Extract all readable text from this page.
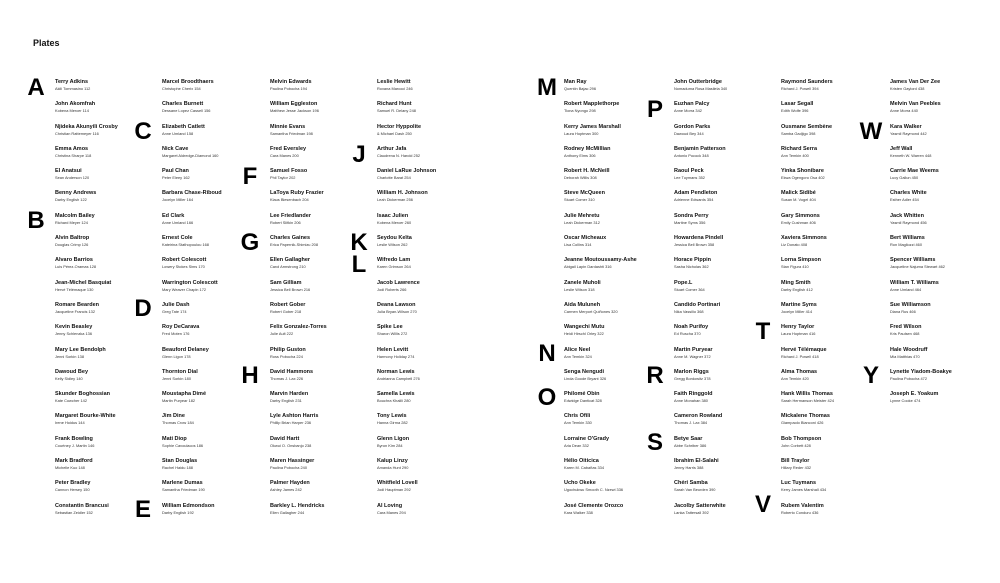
Plates
Terry Adkins
Akili Tommasino 112
John Akomfrah
Kobena Mercer 114
Njideka Akunyili Crosby
Christian Rattemeyer 116
Emma Amos
Christina Sharpe 118
El Anatsui
Sean Anderson 120
Benny Andrews
Darby English 122
Malcolm Bailey
Richard Meyer 124
Alvin Baltrop
Douglas Crimp 126
Álvaro Barrios
Luis Pérez-Oramas 128
Jean-Michel Basquiat
Hervé Télémaque 130
Romare Bearden
Jacqueline Francis 132
Kevin Beasley
Jenny Schlenzka 136
Mary Lee Bendolph
Jenni Sorkin 138
Dawoud Bey
Kelly Sidley 140
Skunder Boghossian
Kate Cowcher 142
Margaret Bourke-White
Irene Hoidus 144
Frank Bowling
Courtney J. Martin 146
Mark Bradford
Michelle Kuo 148
Peter Bradley
Cannon Hersey 150
Constantin Brancusi
Sebastian Zeidler 152
Marcel Broodthaers
Christophe Cherix 154
Charles Burnett
Dessane Lopez Cassell 156
Elizabeth Catlett
Anne Umland 158
Nick Cave
Margaret Aldredge-Diamond 160
Paul Chan
Peter Eleey 162
Barbara Chase-Riboud
Jocelyn Miller 164
Ed Clark
Anne Umland 166
Ernest Cole
Kateirina Stathopoulou 168
Robert Colescott
Lowery Stokes Sims 170
Warrington Colescott
Mary Weaver Chapin 172
Julie Dash
Greg Tate 174
Roy DeCarava
Fred Moten 176
Beauford Delaney
Glenn Ligon 178
Thornton Dial
Jenni Sorkin 180
Moustapha Dimé
Martin Puryear 182
Jim Dine
Thomas Crow 184
Mati Diop
Sophie Cavoulacos 186
Stan Douglas
Rachel Haidu 188
Marlene Dumas
Samantha Friedman 190
William Edmondson
Darby English 192
Melvin Edwards
Paulina Pobocha 194
William Eggleston
Matthew Jesse Jackson 196
Minnie Evans
Samantha Friedman 198
Fred Eversley
Cara Manes 200
Samuel Fosso
Phil Taylor 202
LaToya Ruby Frazier
Klaus Biesenbach 204
Lee Friedlander
Robert Slifkin 206
Charles Gaines
Erica Papernik-Shimizu 208
Ellen Gallagher
Carol Armstrong 210
Sam Gilliam
Jessica Bell Brown 216
Robert Gober
Robert Gober 218
Felix Gonzalez-Torres
Julie Ault 222
Philip Guston
Ross Pobocha 224
David Hammons
Thomas J. Lax 226
Marvin Harden
Darby English 231
Lyle Ashton Harris
Phillip Brian Harper 236
David Hartt
Okwui O. Onsbanjo 238
Maren Hassinger
Paulina Pobocha 240
Palmer Hayden
Ashley James 242
Barkley L. Hendricks
Ellen Gallagher 244
Leslie Hewitt
Roxana Marcoci 246
Richard Hunt
Samuel R. Delany 248
Hector Hyppolite
& Michael Dash 250
Arthur Jafa
Claudrena N. Harold 252
Daniel LaRue Johnson
Charlotte Barat 254
William H. Johnson
Leah Dickerman 256
Isaac Julien
Kobena Mercer 260
Seydou Keïta
Leslie Wilson 262
Wifredo Lam
Karen Grimson 264
Jacob Lawrence
Jodi Roberts 266
Deana Lawson
Julia Bryan-Wilson 270
Spike Lee
Sharon Willis 272
Helen Levitt
Harmony Holiday 274
Norman Lewis
Andrianna Campbell 276
Samella Lewis
Bouchra Khalili 280
Tony Lewis
Hanna Girma 282
Glenn Ligon
Byron Kim 284
Kalup Linzy
Amanda Hunt 290
Whitfield Lovell
Jodi Hauptman 292
Al Loving
Cara Manes 294
Man Ray
Quentin Bajac 296
Robert Mapplethorpe
Tiona Nyongo 298
Kerry James Marshall
Laura Hoptman 300
Rodney McMillian
Anthony Elms 306
Robert H. McNeill
Deborah Willis 308
Steve McQueen
Stuart Comer 310
Julie Mehretu
Leah Dickerman 312
Oscar Micheaux
Lisa Collins 314
Jeanne Moutoussamy-Ashe
Abigail Lapin Dardashti 316
Zanele Muholi
Leslie Wilson 318
Aida Muluneh
Carmen Merport Quiñones 320
Wangechi Mutu
Heidi Hirschl Orley 322
Alice Neel
Ann Temkin 324
Senga Nengudi
Linda Goode Bryant 326
Philomé Obin
Edwidge Danticat 328
Chris Ofili
Ann Temkin 330
Lorraine O'Grady
Aria Dean 332
Hélio Oiticica
Karen M. Cabañas 334
Ucho Okeke
Ugochukwu Smooth C. Nzewi 336
José Clemente Orozco
Kara Walker 338
John Outterbridge
Nomaduma Rosa Masilela 340
Euzhan Palcy
Anne Morra 342
Gordon Parks
Dawoud Bey 344
Benjamin Patterson
Antonio Pocock 348
Raoul Peck
Lee Tuymans 352
Adam Pendleton
Adrienne Edwards 354
Sondra Perry
Martine Syms 356
Howardena Pindell
Jessica Bell Brown 358
Horace Pippin
Sasha Nicholas 362
Pope.L
Stuart Comer 364
Candido Portinari
Nika Vassilio 368
Noah Purifoy
Ed Ruscha 370
Martin Puryear
Anne M. Wagner 372
Marlon Riggs
Gregg Bordowitz 378
Faith Ringgold
Anne Monahan 380
Cameron Rowland
Thomas J. Lax 384
Betye Saar
Abbe Schriber 386
Ibrahim El-Salahi
Jenny Harris 388
Chéri Samba
Sarah Van Beurden 390
Jacolby Satterwhite
Lanka Tattersall 392
Raymond Saunders
Richard J. Powell 394
Lasar Segall
Edith Wolfe 396
Ousmane Sembène
Samba Gadjigo 398
Richard Serra
Ann Temkin 400
Yinka Shonibare
Ekwa Ogengoro Osa 402
Malick Sidibé
Susan M. Vogel 404
Gary Simmons
Emily Cushman 406
Xaviera Simmons
Liz Donato 408
Lorna Simpson
Stan Figura 410
Ming Smith
Darby English 412
Martine Syms
Jocelyn Miller 414
Henry Taylor
Laura Hoptman 416
Hervé Télémaque
Richard J. Powell 418
Alma Thomas
Ann Temkin 420
Hank Willis Thomas
Sarah Hermanson Meister 424
Mickalene Thomas
Giampaolo Bianconi 426
Bob Thompson
John Corbett 428
Bill Traylor
Hillary Reder 432
Luc Tuymans
Kerry James Marshall 434
Rubem Valentim
Roberto Conduru 436
James Van Der Zee
Kristen Gaylord 438
Melvin Van Peebles
Anne Morra 440
Kara Walker
Yasmil Raymond 442
Jeff Wall
Kenneth W. Warren 448
Carrie Mae Weems
Lucy Gallun 450
Charles White
Esther Adler 454
Jack Whitten
Yasmil Raymond 456
Bert Williams
Ron Magliozzi 460
Spencer Williams
Jacqueline Najuma Stewart 462
William T. Williams
Anne Umland 464
Sue Williamson
Diana Rus 466
Fred Wilson
Kris Paulsen 468
Hale Woodruff
Mia Matthias 470
Lynette Yiadom-Boakye
Paulina Pobocha 472
Joseph E. Yoakum
Lynne Cooke 474
A
B
C
D
E
F
G
H
J
K
L
M
N
O
P
R
S
T
V
W
Y
